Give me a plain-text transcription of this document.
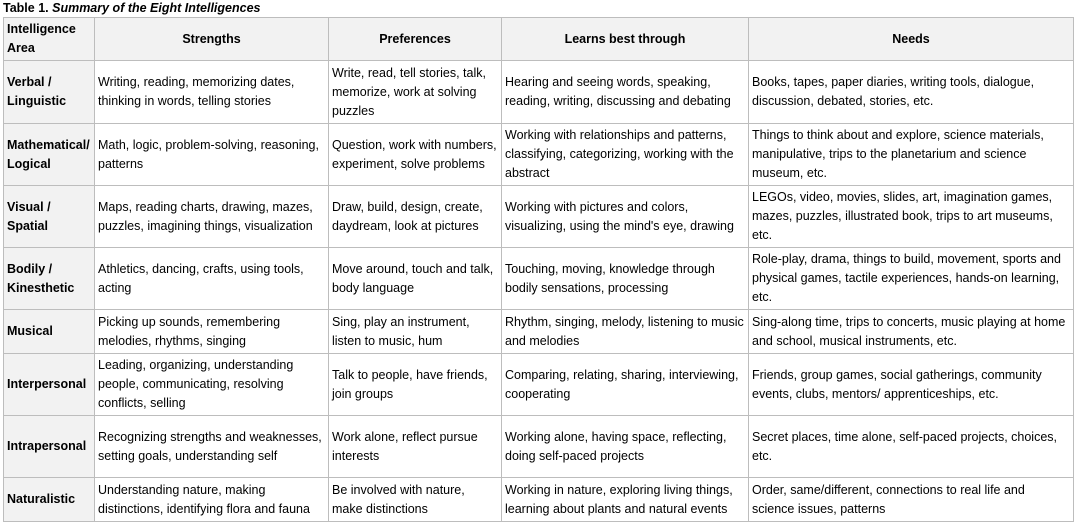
Table 1. Summary of the Eight Intelligences
Intelligence Area	Strengths	Preferences	Learns best through	Needs
Verbal / Linguistic	Writing, reading, memorizing dates, thinking in words, telling stories	Write, read, tell stories, talk, memorize, work at solving puzzles	Hearing and seeing words, speaking, reading, writing, discussing and debating	Books, tapes, paper diaries, writing tools, dialogue, discussion, debated, stories, etc.
Mathematical/ Logical	Math, logic, problem-solving, reasoning, patterns	Question, work with numbers, experiment, solve problems	Working with relationships and patterns, classifying, categorizing, working with the abstract	Things to think about and explore, science materials, manipulative, trips to the planetarium and science museum, etc.
Visual / Spatial	Maps, reading charts, drawing, mazes, puzzles, imagining things, visualization	Draw, build, design, create, daydream, look at pictures	Working with pictures and colors, visualizing, using the mind's eye, drawing	LEGOs, video, movies, slides, art, imagination games, mazes, puzzles, illustrated book, trips to art museums, etc.
Bodily / Kinesthetic	Athletics, dancing, crafts, using tools, acting	Move around, touch and talk, body language	Touching, moving, knowledge through bodily sensations, processing	Role-play, drama, things to build, movement, sports and physical games, tactile experiences, hands-on learning, etc.
Musical	Picking up sounds, remembering melodies, rhythms, singing	Sing, play an instrument, listen to music, hum	Rhythm, singing, melody, listening to music and melodies	Sing-along time, trips to concerts, music playing at home and school, musical instruments, etc.
Interpersonal	Leading, organizing, understanding people, communicating, resolving conflicts, selling	Talk to people, have friends, join groups	Comparing, relating, sharing, interviewing, cooperating	Friends, group games, social gatherings, community events, clubs, mentors/ apprenticeships, etc.
Intrapersonal	Recognizing strengths and weaknesses, setting goals, understanding self	Work alone, reflect pursue interests	Working alone, having space, reflecting, doing self-paced projects	Secret places, time alone, self-paced projects, choices, etc.
Naturalistic	Understanding nature, making distinctions, identifying flora and fauna	Be involved with nature, make distinctions	Working in nature, exploring living things, learning about plants and natural events	Order, same/different, connections to real life and science issues, patterns
